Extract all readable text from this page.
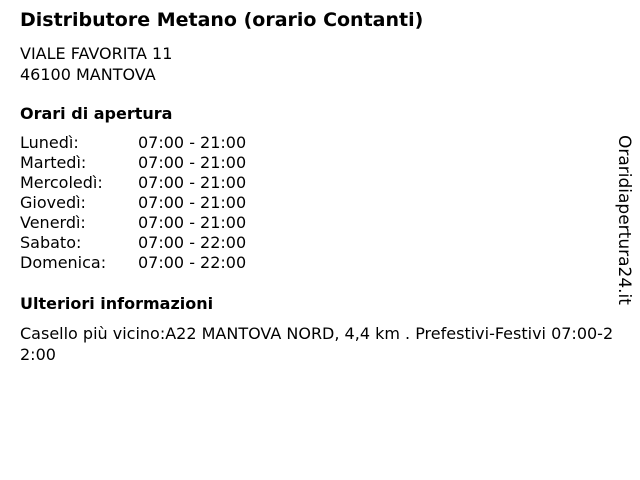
Distributore Metano (orario Contanti)
VIALE FAVORITA 11
46100 MANTOVA
Orari di apertura
Lunedì:	07:00 - 21:00
Martedì:	07:00 - 21:00
Mercoledì: 07:00 - 21:00
Giovedì:	07:00 - 21:00
Venerdì:	07:00 - 21:00
Sabato:	07:00 - 22:00
Domenica: 07:00 - 22:00
Ulteriori informazioni
Casello più vicino:A22 MANTOVA NORD, 4,4 km . Prefestivi-Festivi 07:00-22:00
Oraridiapertura24.it
